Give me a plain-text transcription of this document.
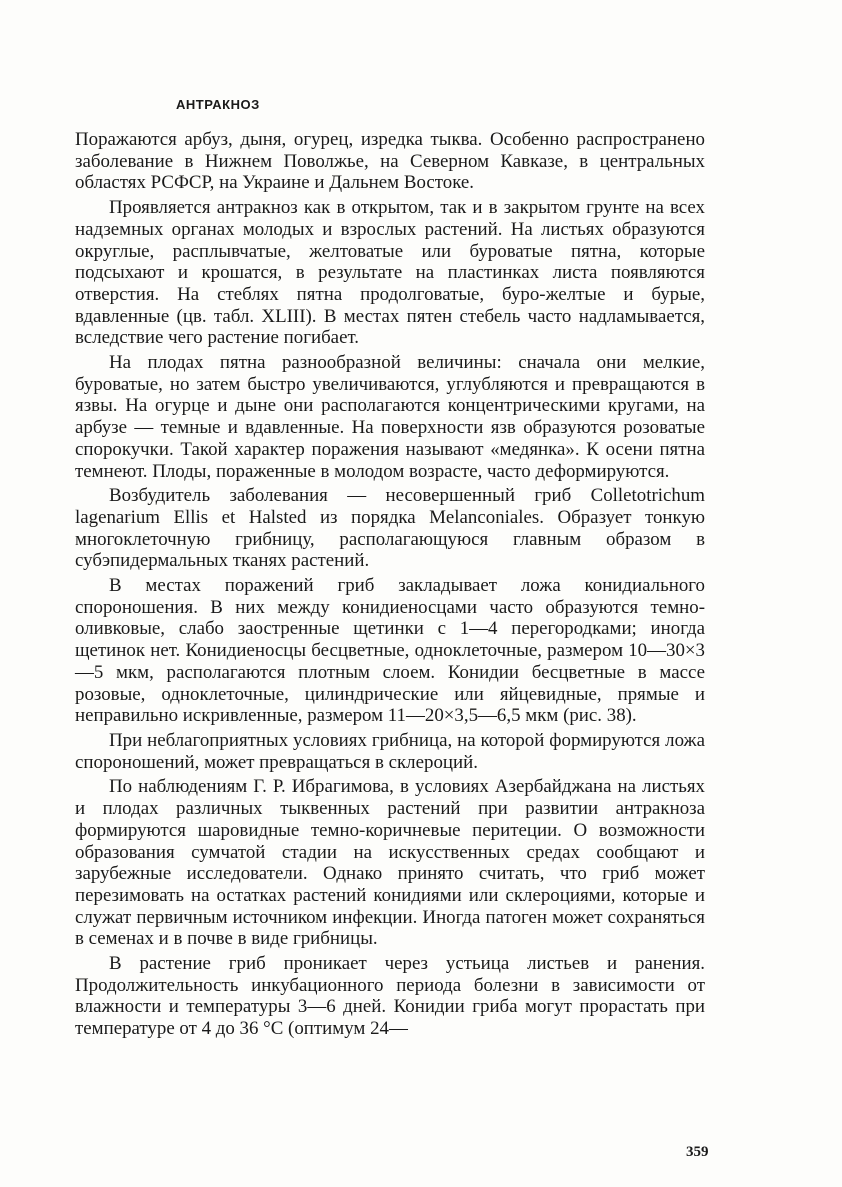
АНТРАКНОЗ

Поражаются арбуз, дыня, огурец, изредка тыква. Особенно распространено заболевание в Нижнем Поволжье, на Северном Кавказе, в центральных областях РСФСР, на Украине и Дальнем Востоке.

Проявляется антракноз как в открытом, так и в закрытом грунте на всех надземных органах молодых и взрослых растений. На листьях образуются округлые, расплывчатые, желтоватые или буроватые пятна, которые подсыхают и крошатся, в результате на пластинках листа появляются отверстия. На стеблях пятна продолговатые, буро-желтые и бурые, вдавленные (цв. табл. XLIII). В местах пятен стебель часто надламывается, вследствие чего растение погибает.

На плодах пятна разнообразной величины: сначала они мелкие, буроватые, но затем быстро увеличиваются, углубляются и превращаются в язвы. На огурце и дыне они располагаются концентрическими кругами, на арбузе — темные и вдавленные. На поверхности язв образуются розоватые спорокучки. Такой характер поражения называют «медянка». К осени пятна темнеют. Плоды, пораженные в молодом возрасте, часто деформируются.

Возбудитель заболевания — несовершенный гриб Colletotrichum lagenarium Ellis et Halsted из порядка Melanconiales. Образует тонкую многоклеточную грибницу, располагающуюся главным образом в субэпидермальных тканях растений.

В местах поражений гриб закладывает ложа конидиального спороношения. В них между конидиеносцами часто образуются темно-оливковые, слабо заостренные щетинки с 1—4 перегородками; иногда щетинок нет. Конидиеносцы бесцветные, одноклеточные, размером 10—30×3—5 мкм, располагаются плотным слоем. Конидии бесцветные в массе розовые, одноклеточные, цилиндрические или яйцевидные, прямые и неправильно искривленные, размером 11—20×3,5—6,5 мкм (рис. 38).

При неблагоприятных условиях грибница, на которой формируются ложа спороношений, может превращаться в склероций.

По наблюдениям Г. Р. Ибрагимова, в условиях Азербайджана на листьях и плодах различных тыквенных растений при развитии антракноза формируются шаровидные темно-коричневые перитеции. О возможности образования сумчатой стадии на искусственных средах сообщают и зарубежные исследователи. Однако принято считать, что гриб может перезимовать на остатках растений конидиями или склероциями, которые и служат первичным источником инфекции. Иногда патоген может сохраняться в семенах и в почве в виде грибницы.

В растение гриб проникает через устьица листьев и ранения. Продолжительность инкубационного периода болезни в зависимости от влажности и температуры 3—6 дней. Конидии гриба могут прорастать при температуре от 4 до 36 °С (оптимум 24—

359
